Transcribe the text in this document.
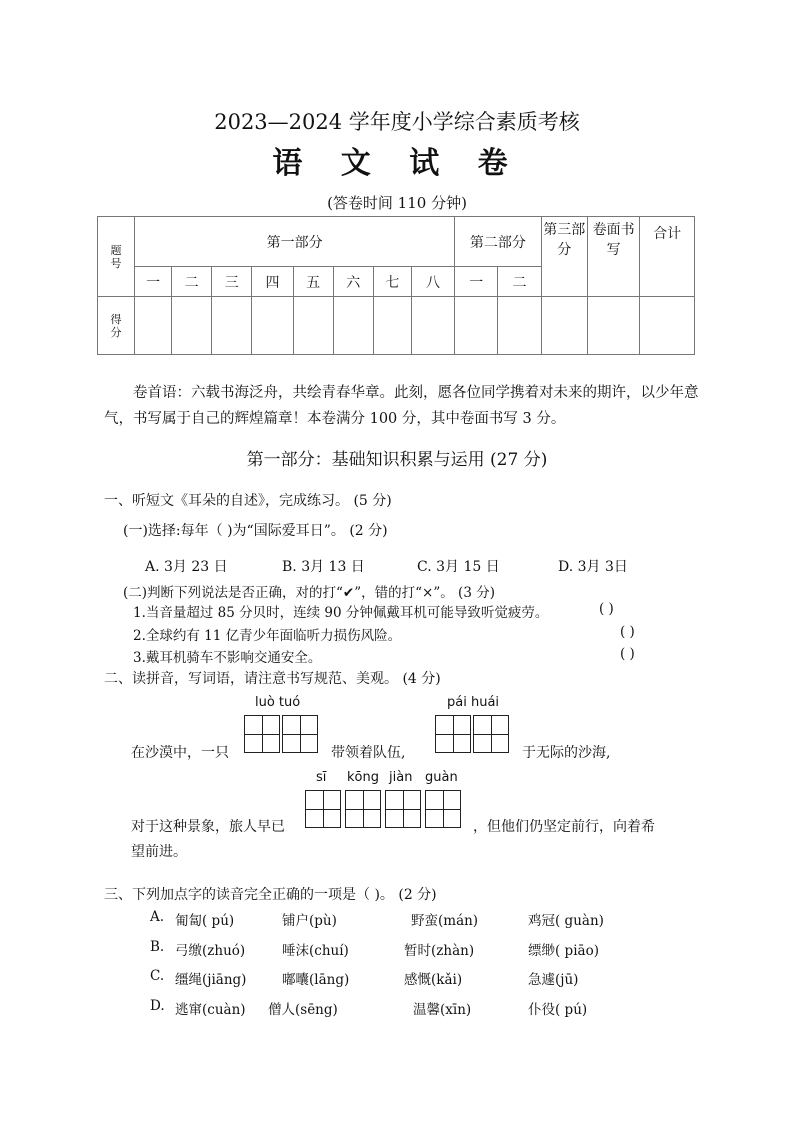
2023—2024 学年度小学综合素质考核
语 文 试 卷
(答卷时间 110 分钟)
题号	第一部分								第二部分		第三部分	卷面书写	合计

	一	二	三	四	五	六	七	八	一	二			

得分													

卷首语：六载书海泛舟，共绘青春华章。此刻，愿各位同学携着对未来的期许，以少年意气，书写属于自己的辉煌篇章！本卷满分 100 分，其中卷面书写 3 分。
第一部分：基础知识积累与运用 (27 分)
一、听短文《耳朵的自述》，完成练习。 (5 分)
(一)选择:每年（ )为“国际爱耳日”。 (2 分)
A. 3月 23 日	B. 3月 13 日	C. 3月 15 日	D. 3月 3日
(二)判断下列说法是否正确，对的打“✔”，错的打“×”。 (3 分)
1.当音量超过 85 分贝时，连续 90 分钟佩戴耳机可能导致听觉疲劳。	( )
2.全球约有 11 亿青少年面临听力损伤风险。	( )
3.戴耳机骑车不影响交通安全。	( )
二、读拼音，写词语，请注意书写规范、美观。 (4 分)
luò tuó	pái huái
在沙漠中，一只	带领着队伍,	于无际的沙海,
sī kōng jiàn guàn
对于这种景象，旅人早已	，但他们仍坚定前行，向着希
望前进。
三、下列加点字的读音完全正确的一项是（ )。 (2 分)
A. 匍匐( pú)	铺户(pù)	野蛮(mán)	鸡冠( guàn)
B. 弓缴(zhuó)	唾沫(chuí)	暂时(zhàn)	缥缈( piāo)
C. 缰绳(jiāng)	嘟囔(lāng)	感慨(kǎi)	急遽(jū)
D. 逃窜(cuàn) 僧人(sēng)	温馨(xīn)	仆役( pú)
